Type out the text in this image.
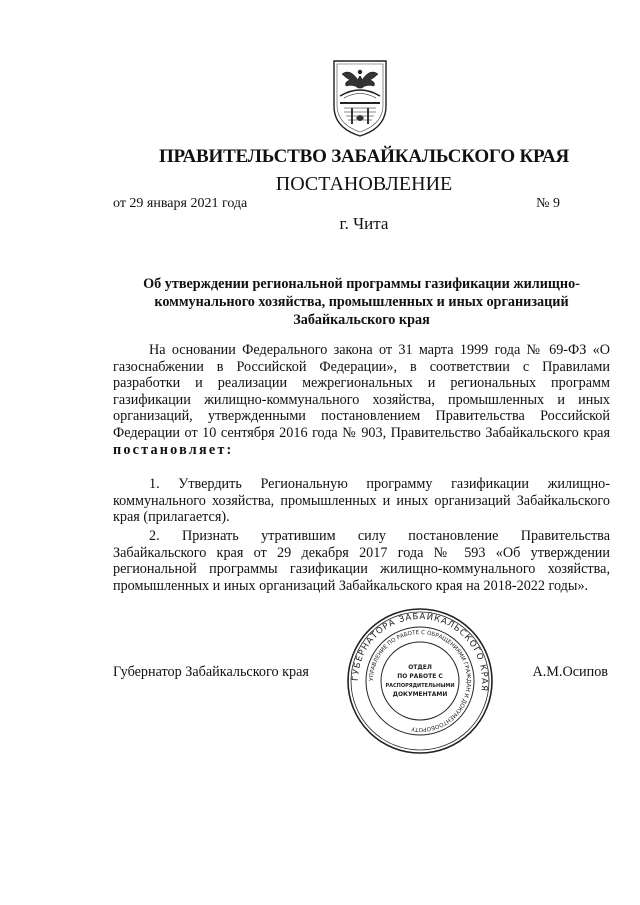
ПРАВИТЕЛЬСТВО ЗАБАЙКАЛЬСКОГО КРАЯ
ПОСТАНОВЛЕНИЕ
от 29 января 2021 года	№ 9
г. Чита
Об утверждении региональной программы газификации жилищно-
коммунального хозяйства, промышленных и иных организаций
Забайкальского края
На основании Федерального закона от 31 марта 1999 года № 69-ФЗ «О газоснабжении в Российской Федерации», в соответствии с Правилами разработки и реализации межрегиональных и региональных программ газификации жилищно-коммунального хозяйства, промышленных и иных организаций, утвержденными постановлением Правительства Российской Федерации от 10 сентября 2016 года № 903, Правительство Забайкальского края постановляет:
1. Утвердить Региональную программу газификации жилищно-коммунального хозяйства, промышленных и иных организаций Забайкальского края (прилагается).
2. Признать утратившим силу постановление Правительства Забайкальского края от 29 декабря 2017 года № 593 «Об утверждении региональной программы газификации жилищно-коммунального хозяйства, промышленных и иных организаций Забайкальского края на 2018-2022 годы».
Губернатор Забайкальского края	А.М.Осипов
ГУБЕРНАТОРА ЗАБАЙКАЛЬСКОГО КРАЯ
УПРАВЛЕНИЕ ПО РАБОТЕ С ОБРАЩЕНИЯМИ ГРАЖДАН И ДОКУМЕНТООБОРОТУ
ОТДЕЛ
ПО РАБОТЕ С
РАСПОРЯДИТЕЛЬНЫМИ
ДОКУМЕНТАМИ
